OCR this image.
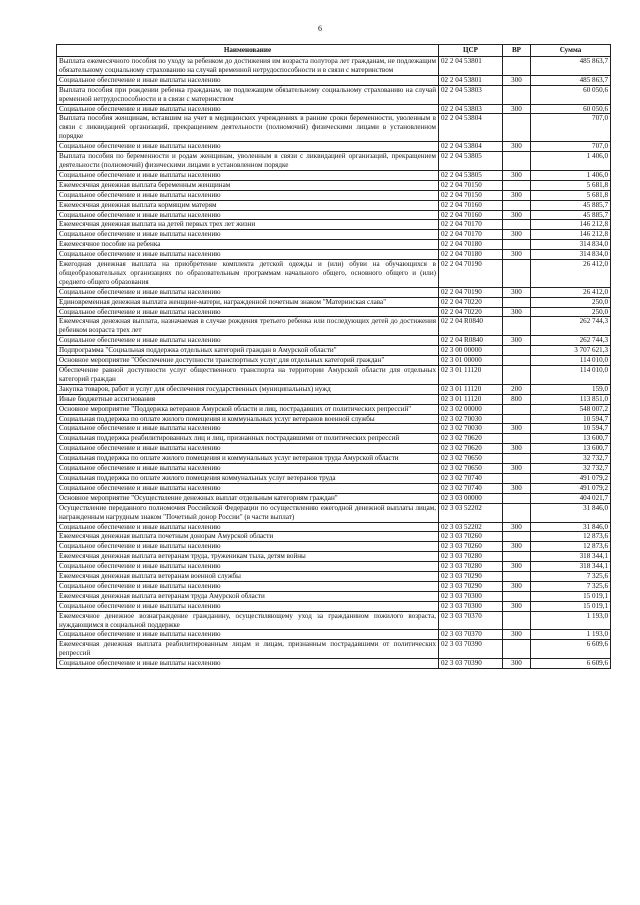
6
Наименование	ЦСР	ВР	Сумма
Выплата ежемесячного пособия по уходу за ребенком до достижения им возраста полутора лет гражданам, не подлежащим обязательному социальному страхованию на случай временной нетрудоспособности и в связи с материнством	02 2 04 53801		485 863,7
Социальное обеспечение и иные выплаты населению	02 2 04 53801	300	485 863,7
Выплата пособия при рождении ребенка гражданам, не подлежащим обязательному социальному страхованию на случай временной нетрудоспособности и в связи с материнством	02 2 04 53803		60 050,6
Социальное обеспечение и иные выплаты населению	02 2 04 53803	300	60 050,6
Выплата пособия женщинам, вставшим на учет в медицинских учреждениях в ранние сроки беременности, уволенным в связи с ликвидацией организаций, прекращением деятельности (полномочий) физическими лицами в установленном порядке	02 2 04 53804		707,0
Социальное обеспечение и иные выплаты населению	02 2 04 53804	300	707,0
Выплата пособия по беременности и родам женщинам, уволенным в связи с ликвидацией организаций, прекращением деятельности (полномочий) физическими лицами в установленном порядке	02 2 04 53805		1 406,0
Социальное обеспечение и иные выплаты населению	02 2 04 53805	300	1 406,0
Ежемесячная денежная выплата беременным женщинам	02 2 04 70150		5 681,8
Социальное обеспечение и иные выплаты населению	02 2 04 70150	300	5 681,8
Ежемесячная денежная выплата кормящим матерям	02 2 04 70160		45 885,7
Социальное обеспечение и иные выплаты населению	02 2 04 70160	300	45 885,7
Ежемесячная денежная выплата на детей первых трех лет жизни	02 2 04 70170		146 212,8
Социальное обеспечение и иные выплаты населению	02 2 04 70170	300	146 212,8
Ежемесячное пособие на ребенка	02 2 04 70180		314 834,0
Социальное обеспечение и иные выплаты населению	02 2 04 70180	300	314 834,0
Ежегодная денежная выплата на приобретение комплекта детской одежды и (или) обуви на обучающихся в общеобразовательных организациях по образовательным программам начального общего, основного общего и (или) среднего общего образования	02 2 04 70190		26 412,0
Социальное обеспечение и иные выплаты населению	02 2 04 70190	300	26 412,0
Единовременная денежная выплата женщине-матери, награжденной почетным знаком "Материнская слава"	02 2 04 70220		250,0
Социальное обеспечение и иные выплаты населению	02 2 04 70220	300	250,0
Ежемесячная денежная выплата, назначаемая в случае рождения третьего ребенка или последующих детей до достижения ребенком возраста трех лет	02 2 04 R0840		262 744,3
Социальное обеспечение и иные выплаты населению	02 2 04 R0840	300	262 744,3
Подпрограмма "Социальная поддержка отдельных категорий граждан в Амурской области"	02 3 00 00000		3 707 621,3
Основное мероприятие "Обеспечение доступности транспортных услуг для отдельных категорий граждан"	02 3 01 00000		114 010,0
Обеспечение равной доступности услуг общественного транспорта на территории Амурской области для отдельных категорий граждан	02 3 01 11120		114 010,0
Закупка товаров, работ и услуг для обеспечения государственных (муниципальных) нужд	02 3 01 11120	200	159,0
Иные бюджетные ассигнования	02 3 01 11120	800	113 851,0
Основное мероприятие "Поддержка ветеранов Амурской области и лиц, пострадавших от политических репрессий"	02 3 02 00000		548 007,2
Социальная поддержка по оплате жилого помещения и коммунальных услуг ветеранов военной службы	02 3 02 70030		10 594,7
Социальное обеспечение и иные выплаты населению	02 3 02 70030	300	10 594,7
Социальная поддержка реабилитированных лиц и лиц, признанных пострадавшими от политических репрессий	02 3 02 70620		13 600,7
Социальное обеспечение и иные выплаты населению	02 3 02 70620	300	13 600,7
Социальная поддержка по оплате жилого помещения и коммунальных услуг ветеранов труда Амурской области	02 3 02 70650		32 732,7
Социальное обеспечение и иные выплаты населению	02 3 02 70650	300	32 732,7
Социальная поддержка по оплате жилого помещения коммунальных услуг ветеранов труда	02 3 02 70740		491 079,2
Социальное обеспечение и иные выплаты населению	02 3 02 70740	300	491 079,2
Основное мероприятие "Осуществление денежных выплат отдельным категориям граждан"	02 3 03 00000		404 021,7
Осуществление переданного полномочия Российской Федерации по осуществлению ежегодной денежной выплаты лицам, награжденным нагрудным знаком "Почетный донор России" (в части выплат)	02 3 03 52202		31 846,0
Социальное обеспечение и иные выплаты населению	02 3 03 52202	300	31 846,0
Ежемесячная денежная выплата почетным донорам Амурской области	02 3 03 70260		12 873,6
Социальное обеспечение и иные выплаты населению	02 3 03 70260	300	12 873,6
Ежемесячная денежная выплата ветеранам труда, труженикам тыла, детям войны	02 3 03 70280		318 344,1
Социальное обеспечение и иные выплаты населению	02 3 03 70280	300	318 344,1
Ежемесячная денежная выплата ветеранам военной службы	02 3 03 70290		7 325,6
Социальное обеспечение и иные выплаты населению	02 3 03 70290	300	7 325,6
Ежемесячная денежная выплата ветеранам труда Амурской области	02 3 03 70300		15 019,1
Социальное обеспечение и иные выплаты населению	02 3 03 70300	300	15 019,1
Ежемесячное денежное вознаграждение гражданину, осуществляющему уход за гражданином пожилого возраста, нуждающимся в социальной поддержке	02 3 03 70370		1 193,0
Социальное обеспечение и иные выплаты населению	02 3 03 70370	300	1 193,0
Ежемесячная денежная выплата реабилитированным лицам и лицам, признанным пострадавшими от политических репрессий	02 3 03 70390		6 609,6
Социальное обеспечение и иные выплаты населению	02 3 03 70390	300	6 609,6
